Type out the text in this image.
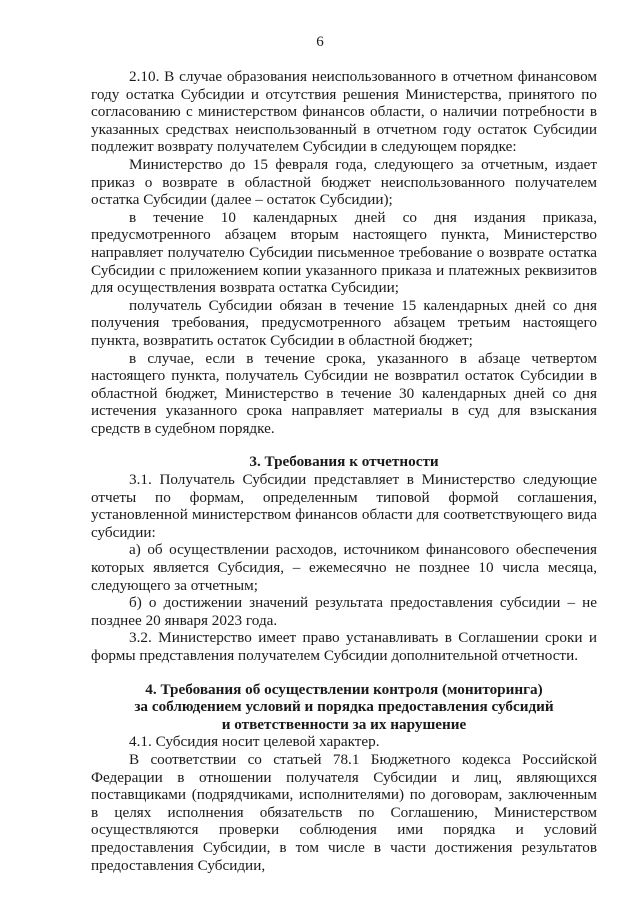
6

2.10. В случае образования неиспользованного в отчетном финансовом году остатка Субсидии и отсутствия решения Министерства, принятого по согласованию с министерством финансов области, о наличии потребности в указанных средствах неиспользованный в отчетном году остаток Субсидии подлежит возврату получателем Субсидии в следующем порядке:

Министерство до 15 февраля года, следующего за отчетным, издает приказ о возврате в областной бюджет неиспользованного получателем остатка Субсидии (далее – остаток Субсидии);

в течение 10 календарных дней со дня издания приказа, предусмотренного абзацем вторым настоящего пункта, Министерство направляет получателю Субсидии письменное требование о возврате остатка Субсидии с приложением копии указанного приказа и платежных реквизитов для осуществления возврата остатка Субсидии;

получатель Субсидии обязан в течение 15 календарных дней со дня получения требования, предусмотренного абзацем третьим настоящего пункта, возвратить остаток Субсидии в областной бюджет;

в случае, если в течение срока, указанного в абзаце четвертом настоящего пункта, получатель Субсидии не возвратил остаток Субсидии в областной бюджет, Министерство в течение 30 календарных дней со дня истечения указанного срока направляет материалы в суд для взыскания средств в судебном порядке.

3. Требования к отчетности

3.1. Получатель Субсидии представляет в Министерство следующие отчеты по формам, определенным типовой формой соглашения, установленной министерством финансов области для соответствующего вида субсидии:

а) об осуществлении расходов, источником финансового обеспечения которых является Субсидия, – ежемесячно не позднее 10 числа месяца, следующего за отчетным;

б) о достижении значений результата предоставления субсидии – не позднее 20 января 2023 года.

3.2. Министерство имеет право устанавливать в Соглашении сроки и формы представления получателем Субсидии дополнительной отчетности.

4. Требования об осуществлении контроля (мониторинга)

за соблюдением условий и порядка предоставления субсидий

и ответственности за их нарушение

4.1. Субсидия носит целевой характер.

В соответствии со статьей 78.1 Бюджетного кодекса Российской Федерации в отношении получателя Субсидии и лиц, являющихся поставщиками (подрядчиками, исполнителями) по договорам, заключенным в целях исполнения обязательств по Соглашению, Министерством осуществляются проверки соблюдения ими порядка и условий предоставления Субсидии, в том числе в части достижения результатов предоставления Субсидии,
